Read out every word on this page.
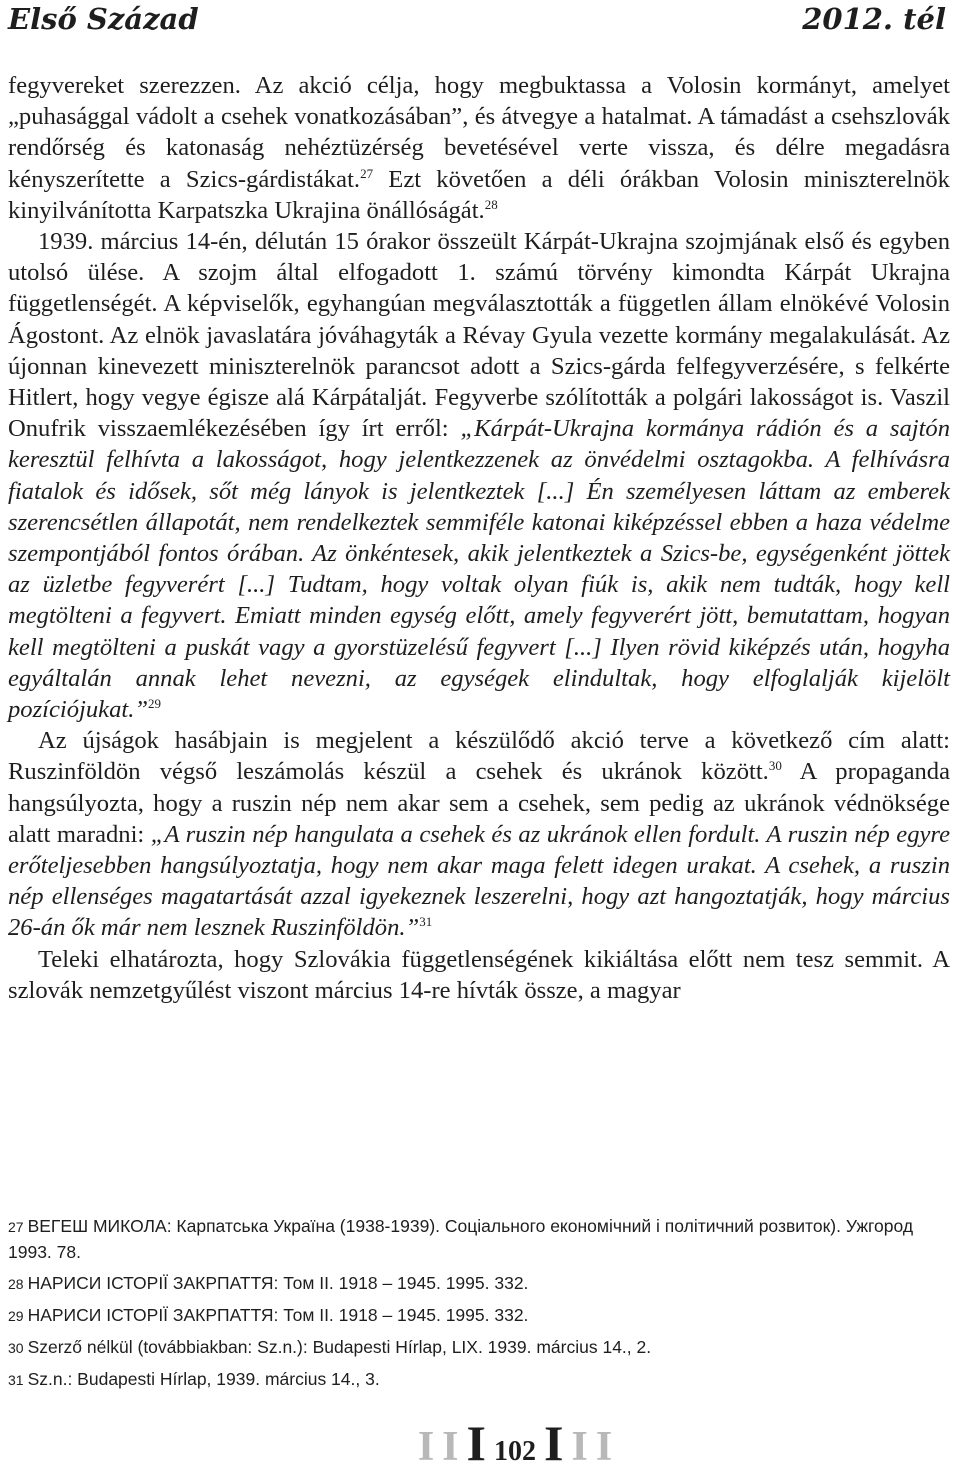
Első Század	2012. tél

fegyvereket szerezzen. Az akció célja, hogy megbuktassa a Volosin kormányt, amelyet „puhasággal vádolt a csehek vonatkozásában”, és átvegye a hatalmat. A támadást a csehszlovák rendőrség és katonaság nehéztüzérség bevetésével verte vissza, és délre megadásra kényszerítette a Szics-gárdistákat.$^{27}$ Ezt követően a déli órákban Volosin miniszterelnök kinyilvánította Karpatszka Ukrajina önállóságát.$^{28}$

1939. március 14-én, délután 15 órakor összeült Kárpát-Ukrajna szojmjának első és egyben utolsó ülése. A szojm által elfogadott 1. számú törvény kimondta Kárpát Ukrajna függetlenségét. A képviselők, egyhangúan megválasztották a független állam elnökévé Volosin Ágostont. Az elnök javaslatára jóváhagyták a Révay Gyula vezette kormány megalakulását. Az újonnan kinevezett miniszterelnök parancsot adott a Szics-gárda felfegyverzésére, s felkérte Hitlert, hogy vegye égisze alá Kárpátalját. Fegyverbe szólították a polgári lakosságot is. Vaszil Onufrik visszaemlékezésében így írt erről: „Kárpát-Ukrajna kormánya rádión és a sajtón keresztül felhívta a lakosságot, hogy jelentkezzenek az önvédelmi osztagokba. A felhívásra fiatalok és idősek, sőt még lányok is jelentkeztek [...] Én személyesen láttam az emberek szerencsétlen állapotát, nem rendelkeztek semmiféle katonai kiképzéssel ebben a haza védelme szempontjából fontos órában. Az önkéntesek, akik jelentkeztek a Szics-be, egységenként jöttek az üzletbe fegyverért [...] Tudtam, hogy voltak olyan fiúk is, akik nem tudták, hogy kell megtölteni a fegyvert. Emiatt minden egység előtt, amely fegyverért jött, bemutattam, hogyan kell megtölteni a puskát vagy a gyorstüzelésű fegyvert [...] Ilyen rövid kiképzés után, hogyha egyáltalán annak lehet nevezni, az egységek elindultak, hogy elfoglalják kijelölt pozíciójukat.”$^{29}$

Az újságok hasábjain is megjelent a készülődő akció terve a következő cím alatt: Ruszinföldön végső leszámolás készül a csehek és ukránok között.$^{30}$ A propaganda hangsúlyozta, hogy a ruszin nép nem akar sem a csehek, sem pedig az ukránok védnöksége alatt maradni: „A ruszin nép hangulata a csehek és az ukránok ellen fordult. A ruszin nép egyre erőteljesebben hangsúlyoztatja, hogy nem akar maga felett idegen urakat. A csehek, a ruszin nép ellenséges magatartását azzal igyekeznek leszerelni, hogy azt hangoztatják, hogy március 26-án ők már nem lesznek Ruszinföldön.”$^{31}$

Teleki elhatározta, hogy Szlovákia függetlenségének kikiáltása előtt nem tesz semmit. A szlovák nemzetgyűlést viszont március 14-re hívták össze, a magyar

27 ВЕГЕШ МИКОЛА: Карпатська Україна (1938-1939). Соціального економічний і політичний розвиток). Ужгород 1993. 78.

28 НАРИСИ ІСТОРІЇ ЗАКРПАТТЯ: Том II. 1918 – 1945. 1995. 332.

29 НАРИСИ ІСТОРІЇ ЗАКРПАТТЯ: Том II. 1918 – 1945. 1995. 332.

30 Szerző nélkül (továbbiakban: Sz.n.): Budapesti Hírlap, LIX. 1939. március 14., 2.

31 Sz.n.: Budapesti Hírlap, 1939. március 14., 3.

I I I 102 I I I
